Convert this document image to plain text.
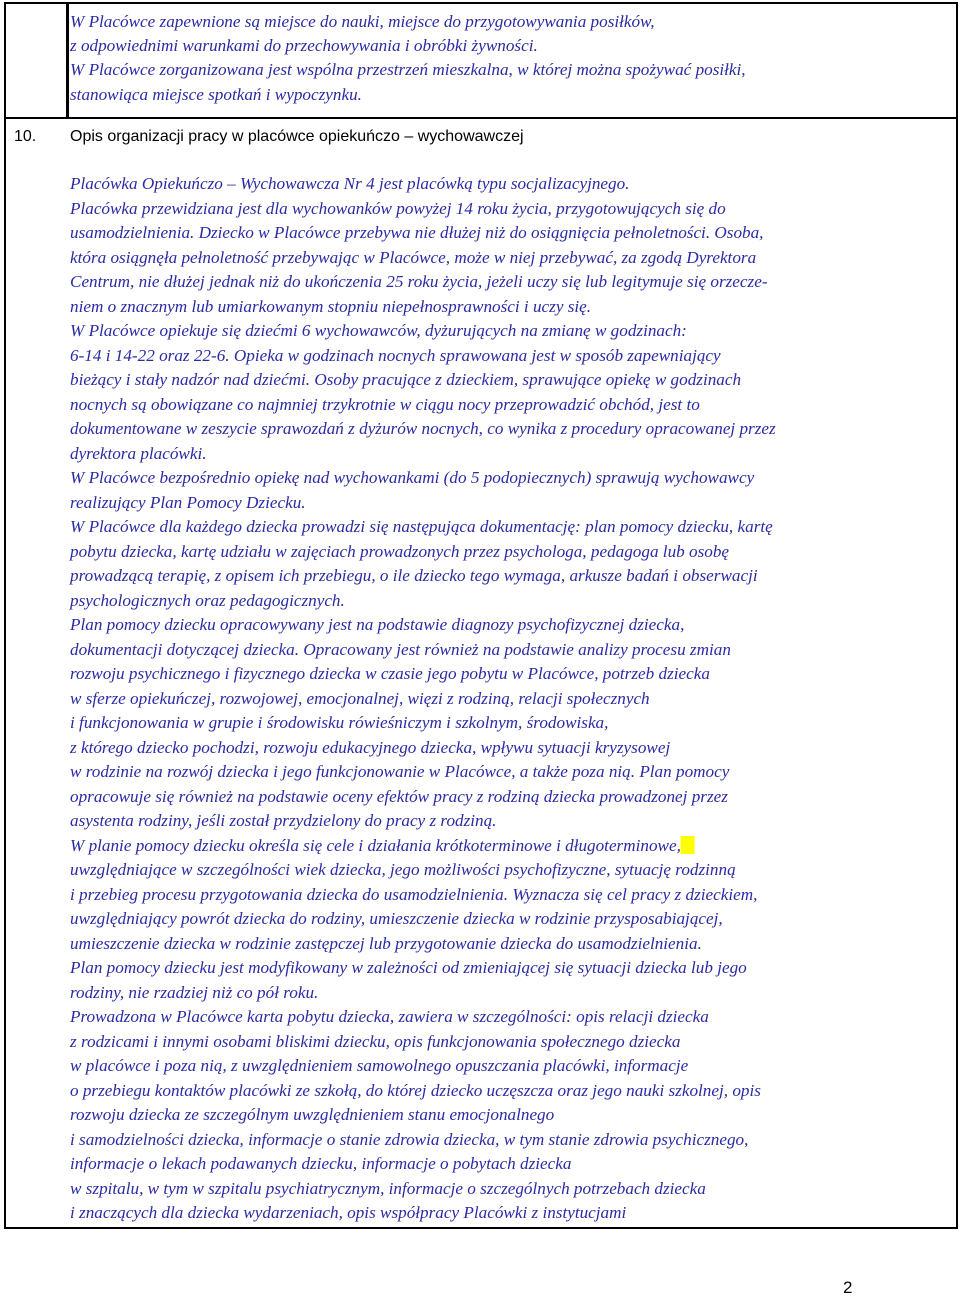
W Placówce zapewnione są miejsce do nauki, miejsce do przygotowywania posiłków,
z odpowiednimi warunkami do przechowywania i obróbki żywności.
W Placówce zorganizowana jest wspólna przestrzeń mieszkalna, w której można spożywać posiłki,
stanowiąca miejsce spotkań i wypoczynku.
10. Opis organizacji pracy w placówce opiekuńczo – wychowawczej
Placówka Opiekuńczo – Wychowawcza Nr 4 jest placówką typu socjalizacyjnego.
Placówka przewidziana jest dla wychowanków powyżej 14 roku życia, przygotowujących się do
usamodzielnienia. Dziecko w Placówce przebywa nie dłużej niż do osiągnięcia pełnoletności. Osoba,
która osiągnęła pełnoletność przebywając w Placówce, może w niej przebywać, za zgodą Dyrektora
Centrum, nie dłużej jednak niż do ukończenia 25 roku życia, jeżeli uczy się lub legitymuje się orzecze-
niem o znacznym lub umiarkowanym stopniu niepełnosprawności i uczy się.
W Placówce opiekuje się dziećmi 6 wychowawców, dyżurujących na zmianę w godzinach:
6-14 i 14-22 oraz 22-6. Opieka w godzinach nocnych sprawowana jest w sposób zapewniający
bieżący i stały nadzór nad dziećmi. Osoby pracujące z dzieckiem, sprawujące opiekę w godzinach
nocnych są obowiązane co najmniej trzykrotnie w ciągu nocy przeprowadzić obchód, jest to
dokumentowane w zeszycie sprawozdań z dyżurów nocnych, co wynika z procedury opracowanej przez
dyrektora placówki.
W Placówce bezpośrednio opiekę nad wychowankami (do 5 podopiecznych) sprawują wychowawcy
realizujący Plan Pomocy Dziecku.
W Placówce dla każdego dziecka prowadzi się następująca dokumentację: plan pomocy dziecku, kartę
pobytu dziecka, kartę udziału w zajęciach prowadzonych przez psychologa, pedagoga lub osobę
prowadzącą terapię, z opisem ich przebiegu, o ile dziecko tego wymaga, arkusze badań i obserwacji
psychologicznych oraz pedagogicznych.
Plan pomocy dziecku opracowywany jest na podstawie diagnozy psychofizycznej dziecka,
dokumentacji dotyczącej dziecka. Opracowany jest również na podstawie analizy procesu zmian
rozwoju psychicznego i fizycznego dziecka w czasie jego pobytu w Placówce, potrzeb dziecka
w sferze opiekuńczej, rozwojowej, emocjonalnej, więzi z rodziną, relacji społecznych
i funkcjonowania w grupie i środowisku rówieśniczym i szkolnym, środowiska,
z którego dziecko pochodzi, rozwoju edukacyjnego dziecka, wpływu sytuacji kryzysowej
w rodzinie na rozwój dziecka i jego funkcjonowanie w Placówce, a także poza nią. Plan pomocy
opracowuje się również na podstawie oceny efektów pracy z rodziną dziecka prowadzonej przez
asystenta rodziny, jeśli został przydzielony do pracy z rodziną.
W planie pomocy dziecku określa się cele i działania krótkoterminowe i długoterminowe,
uwzględniające w szczególności wiek dziecka, jego możliwości psychofizyczne, sytuację rodzinną
i przebieg procesu przygotowania dziecka do usamodzielnienia. Wyznacza się cel pracy z dzieckiem,
uwzględniający powrót dziecka do rodziny, umieszczenie dziecka w rodzinie przysposabiającej,
umieszczenie dziecka w rodzinie zastępczej lub przygotowanie dziecka do usamodzielnienia.
Plan pomocy dziecku jest modyfikowany w zależności od zmieniającej się sytuacji dziecka lub jego
rodziny, nie rzadziej niż co pół roku.
Prowadzona w Placówce karta pobytu dziecka, zawiera w szczególności: opis relacji dziecka
z rodzicami i innymi osobami bliskimi dziecku, opis funkcjonowania społecznego dziecka
w placówce i poza nią, z uwzględnieniem samowolnego opuszczania placówki, informacje
o przebiegu kontaktów placówki ze szkołą, do której dziecko uczęszcza oraz jego nauki szkolnej, opis
rozwoju dziecka ze szczególnym uwzględnieniem stanu emocjonalnego
i samodzielności dziecka, informacje o stanie zdrowia dziecka, w tym stanie zdrowia psychicznego,
informacje o lekach podawanych dziecku, informacje o pobytach dziecka
w szpitalu, w tym w szpitalu psychiatrycznym, informacje o szczególnych potrzebach dziecka
i znaczących dla dziecka wydarzeniach, opis współpracy Placówki z instytucjami
2
